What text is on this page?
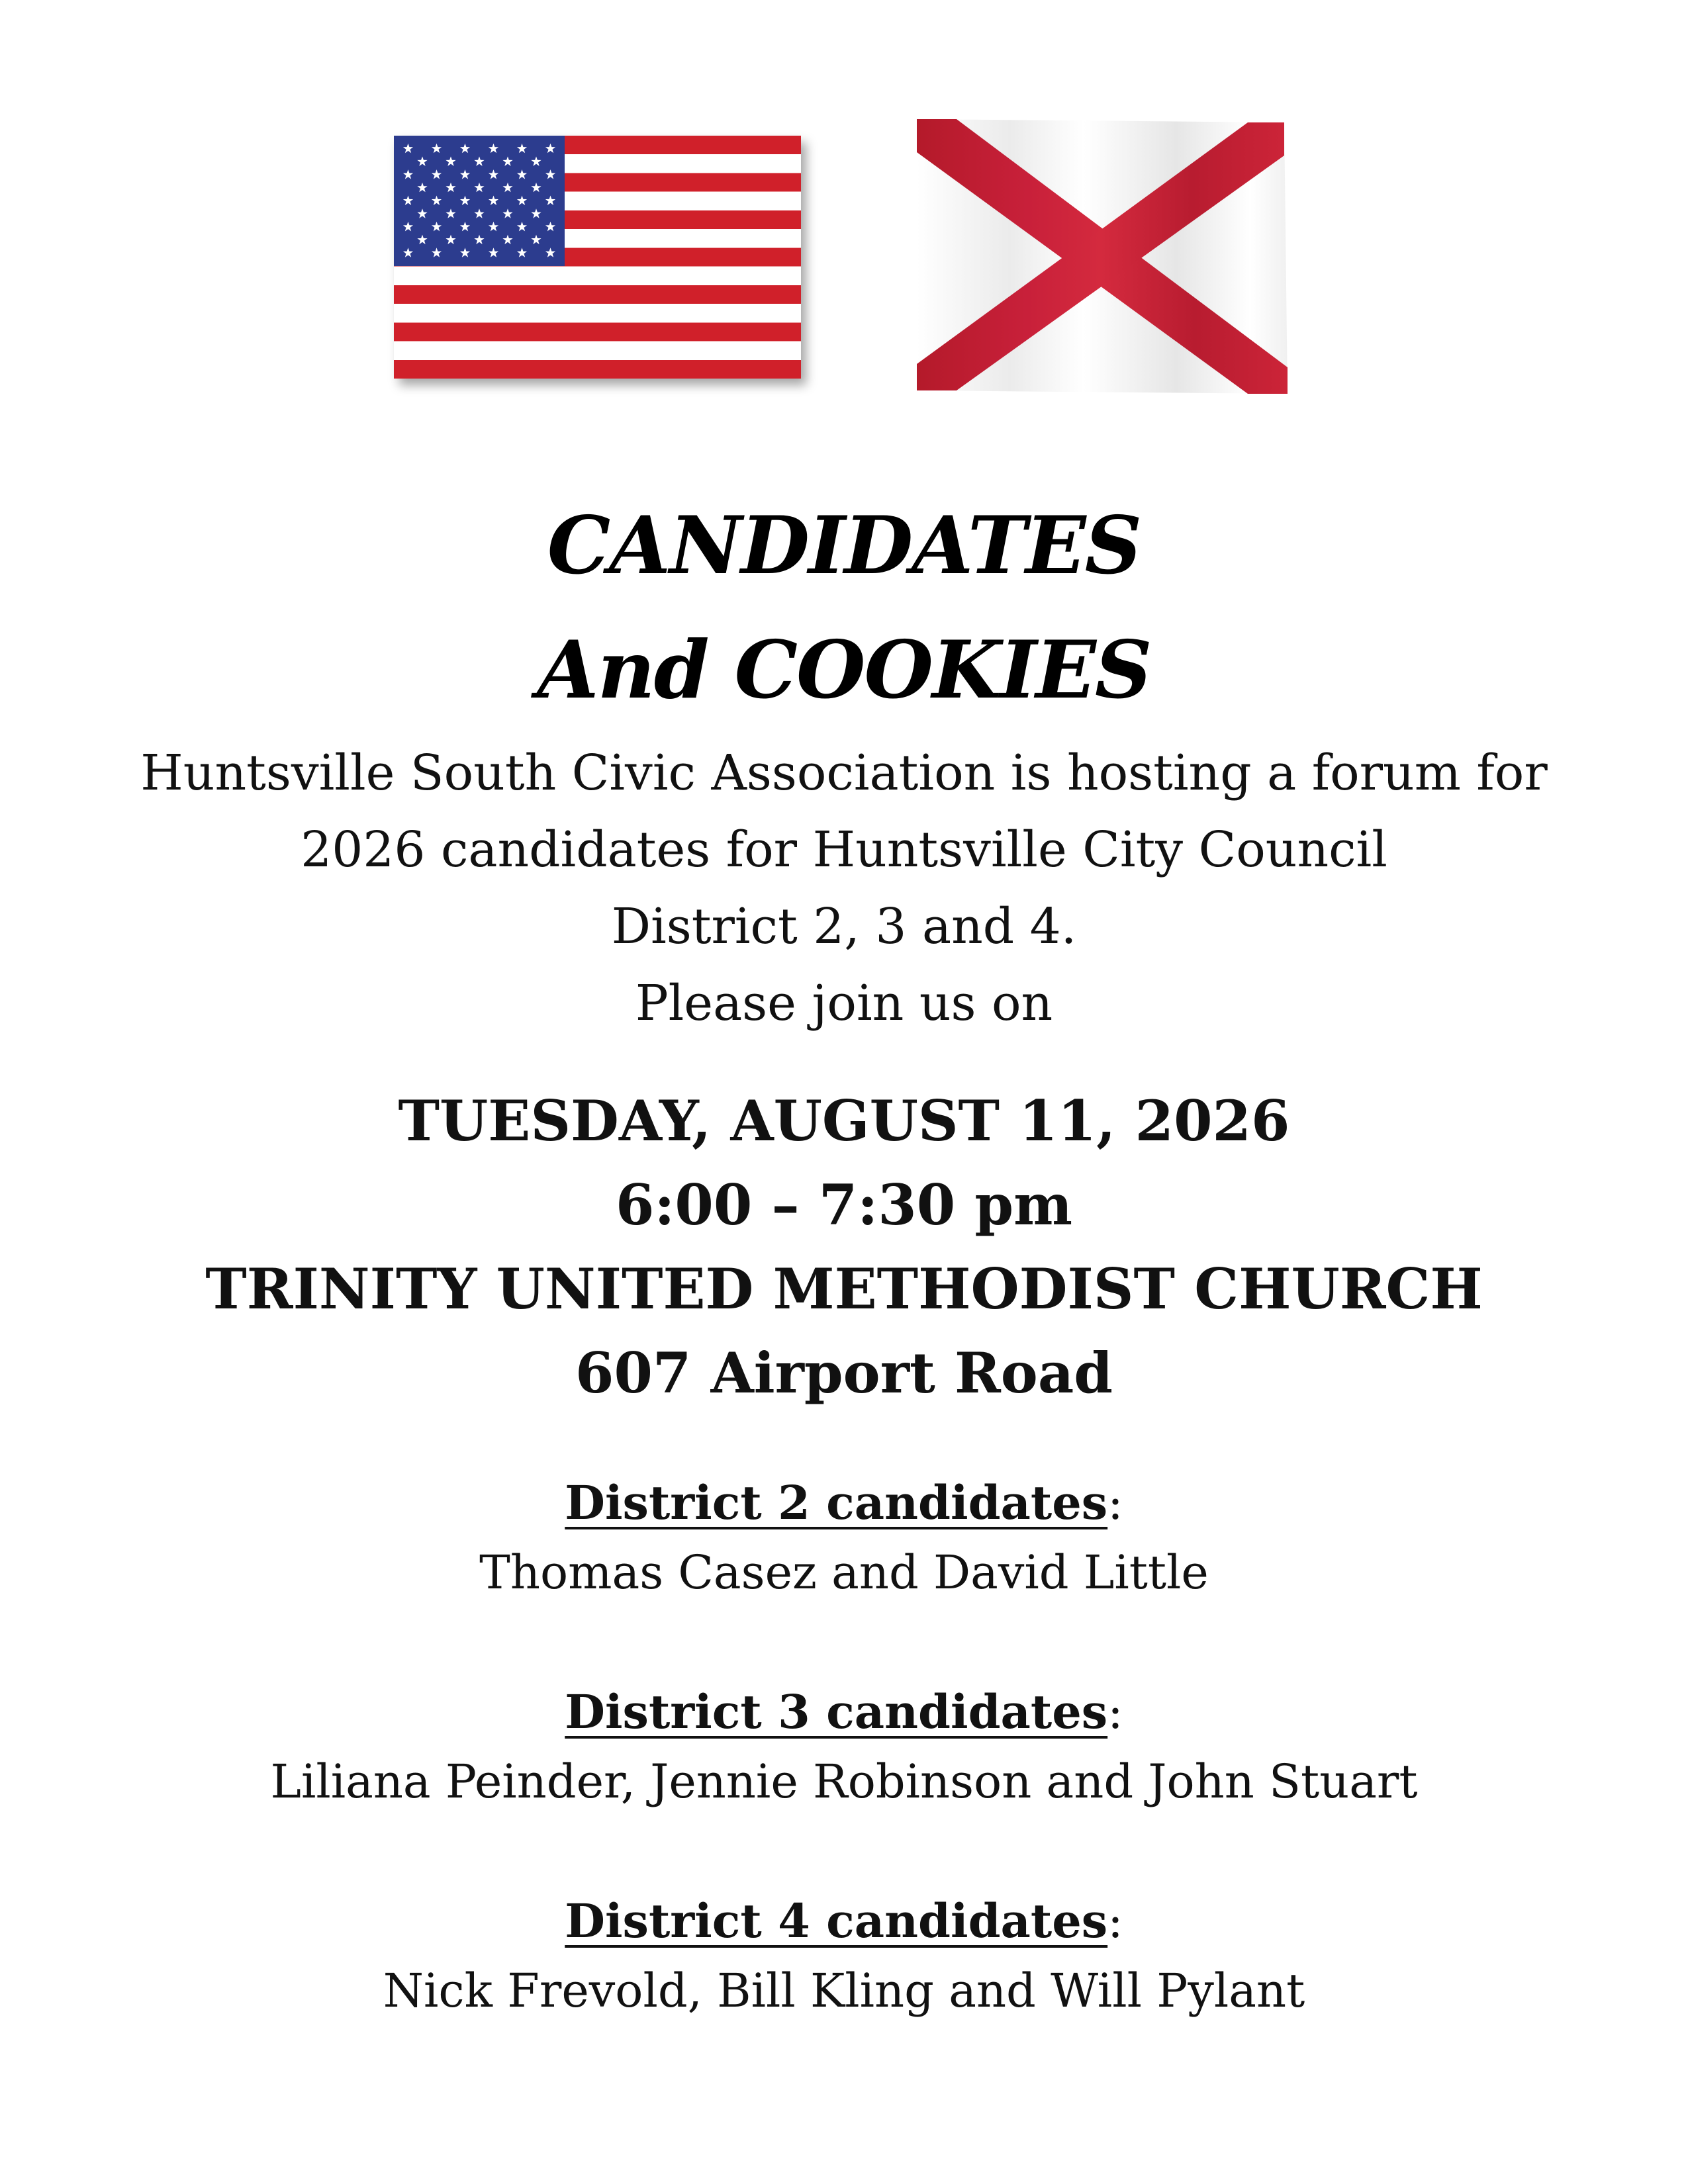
CANDIDATES
And COOKIES
Huntsville South Civic Association is hosting a forum for
2026 candidates for Huntsville City Council
District 2, 3 and 4.
Please join us on
TUESDAY, AUGUST 11, 2026
6:00 – 7:30 pm
TRINITY UNITED METHODIST CHURCH
607 Airport Road
District 2 candidates:
Thomas Casez and David Little
District 3 candidates:
Liliana Peinder, Jennie Robinson and John Stuart
District 4 candidates:
Nick Frevold, Bill Kling and Will Pylant
